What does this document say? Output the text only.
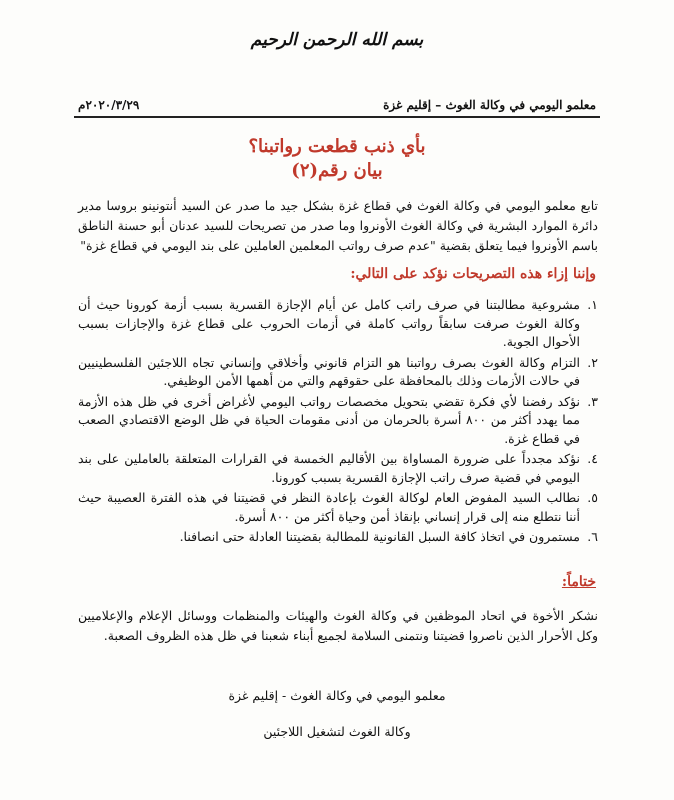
بسم الله الرحمن الرحيم
معلمو اليومي في وكالة الغوث – إقليم غزة
٢٠٢٠/٣/٢٩م
بأي ذنب قطعت رواتبنا؟
بيان رقم(٢)
تابع معلمو اليومي في وكالة الغوث في قطاع غزة بشكل جيد ما صدر عن السيد أنتونينو بروسا مدير دائرة الموارد البشرية في وكالة الغوث الأونروا وما صدر من تصريحات للسيد عدنان أبو حسنة الناطق باسم الأونروا فيما يتعلق بقضية "عدم صرف رواتب المعلمين العاملين على بند اليومي في قطاع غزة"
وإننا إزاء هذه التصريحات نؤكد على التالي:
١.
مشروعية مطالبتنا في صرف راتب كامل عن أيام الإجازة القسرية بسبب أزمة كورونا حيث أن وكالة الغوث صرفت سابقاً رواتب كاملة في أزمات الحروب على قطاع غزة والإجازات بسبب الأحوال الجوية.
٢.
التزام وكالة الغوث بصرف رواتبنا هو التزام قانوني وأخلاقي وإنساني تجاه اللاجئين الفلسطينيين في حالات الأزمات وذلك بالمحافظة على حقوقهم والتي من أهمها الأمن الوظيفي.
٣.
نؤكد رفضنا لأي فكرة تقضي بتحويل مخصصات رواتب اليومي لأغراض أخرى في ظل هذه الأزمة مما يهدد أكثر من ٨٠٠ أسرة بالحرمان من أدنى مقومات الحياة في ظل الوضع الاقتصادي الصعب في قطاع غزة.
٤.
نؤكد مجدداً على ضرورة المساواة بين الأقاليم الخمسة في القرارات المتعلقة بالعاملين على بند اليومي في قضية صرف راتب الإجازة القسرية بسبب كورونا.
٥.
نطالب السيد المفوض العام لوكالة الغوث بإعادة النظر في قضيتنا في هذه الفترة العصيبة حيث أننا نتطلع منه إلى قرار إنساني بإنقاذ أمن وحياة أكثر من ٨٠٠ أسرة.
٦.
مستمرون في اتخاذ كافة السبل القانونية للمطالبة بقضيتنا العادلة حتى انصافنا.
ختاماً:
نشكر الأخوة في اتحاد الموظفين في وكالة الغوث والهيئات والمنظمات ووسائل الإعلام والإعلاميين وكل الأحرار الذين ناصروا قضيتنا ونتمنى السلامة لجميع أبناء شعبنا في ظل هذه الظروف الصعبة.
معلمو اليومي في وكالة الغوث - إقليم غزة
وكالة الغوث لتشغيل اللاجئين
